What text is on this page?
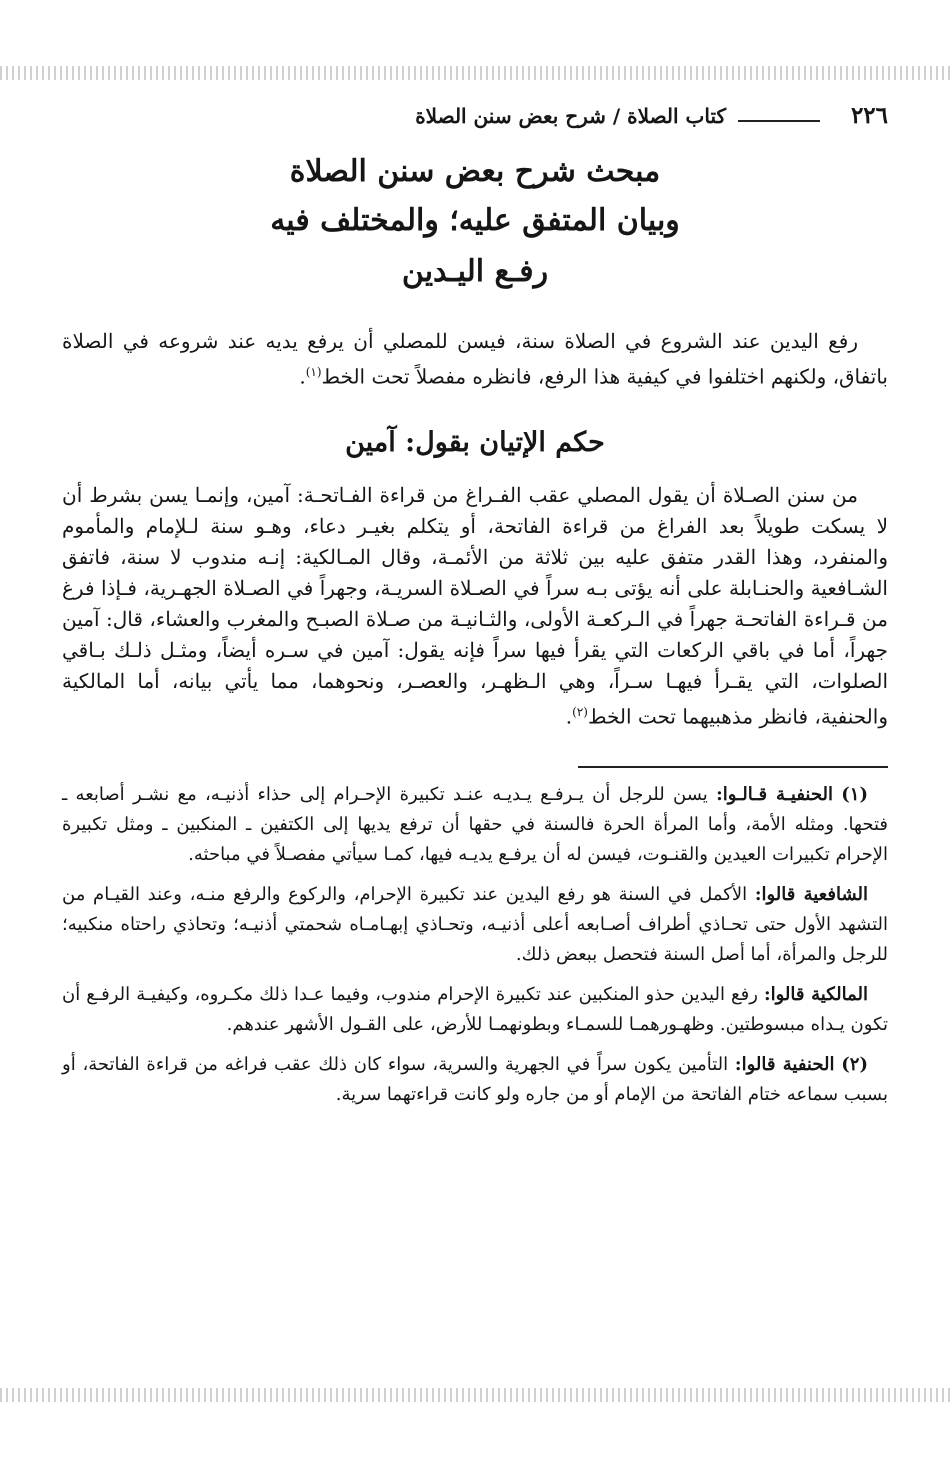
٢٢٦
كتاب الصلاة / شرح بعض سنن الصلاة
مبحث شرح بعض سنن الصلاة
وبيان المتفق عليه؛ والمختلف فيه
رفـع اليـدين

رفع اليدين عند الشروع في الصلاة سنة، فيسن للمصلي أن يرفع يديه عند شروعه في الصلاة باتفاق، ولكنهم اختلفوا في كيفية هذا الرفع، فانظره مفصلاً تحت الخط$^{(١)}$.

حكم الإتيان بقول: آمين

من سنن الصـلاة أن يقول المصلي عقب الفـراغ من قراءة الفـاتحـة: آمين، وإنمـا يسن بشرط أن لا يسكت طويلاً بعد الفراغ من قراءة الفاتحة، أو يتكلم بغيـر دعاء، وهـو سنة لـلإمام والمأموم والمنفرد، وهذا القدر متفق عليه بين ثلاثة من الأئمـة، وقال المـالكية: إنـه مندوب لا سنة، فاتفق الشـافعية والحنـابلة على أنه يؤتى بـه سراً في الصـلاة السريـة، وجهراً في الصـلاة الجهـرية، فـإذا فرغ من قـراءة الفاتحـة جهراً في الـركعـة الأولى، والثـانيـة من صـلاة الصبـح والمغرب والعشاء، قال: آمين جهراً، أما في باقي الركعات التي يقرأ فيها سراً فإنه يقول: آمين في سـره أيضاً، ومثـل ذلـك بـاقي الصلوات، التي يقـرأ فيهـا سـراً، وهي الـظهـر، والعصـر، ونحوهما، مما يأتي بيانه، أما المالكية والحنفية، فانظر مذهبيهما تحت الخط$^{(٢)}$.

(١) الحنفيـة قـالـوا: يسن للرجل أن يـرفـع يـديـه عنـد تكبيرة الإحـرام إلى حذاء أذنيـه، مع نشـر أصابعه ـ فتحها. ومثله الأمة، وأما المرأة الحرة فالسنة في حقها أن ترفع يديها إلى الكتفين ـ المنكبين ـ ومثل تكبيرة الإحرام تكبيرات العيدين والقنـوت، فيسن له أن يرفـع يديـه فيها، كمـا سيأتي مفصـلاً في مباحثه.

الشافعية قالوا: الأكمل في السنة هو رفع اليدين عند تكبيرة الإحرام، والركوع والرفع منـه، وعند القيـام من التشهد الأول حتى تحـاذي أطراف أصـابعه أعلى أذنيـه، وتحـاذي إبهـامـاه شحمتي أذنيـه؛ وتحاذي راحتاه منكبيه؛ للرجل والمرأة، أما أصل السنة فتحصل ببعض ذلك.

المالكية قالوا: رفع اليدين حذو المنكبين عند تكبيرة الإحرام مندوب، وفيما عـدا ذلك مكـروه، وكيفيـة الرفـع أن تكون يـداه مبسوطتين. وظهـورهمـا للسمـاء وبطونهمـا للأرض، على القـول الأشهر عندهم.

(٢) الحنفية قالوا: التأمين يكون سراً في الجهرية والسرية، سواء كان ذلك عقب فراغه من قراءة الفاتحة، أو بسبب سماعه ختام الفاتحة من الإمام أو من جاره ولو كانت قراءتهما سرية.
